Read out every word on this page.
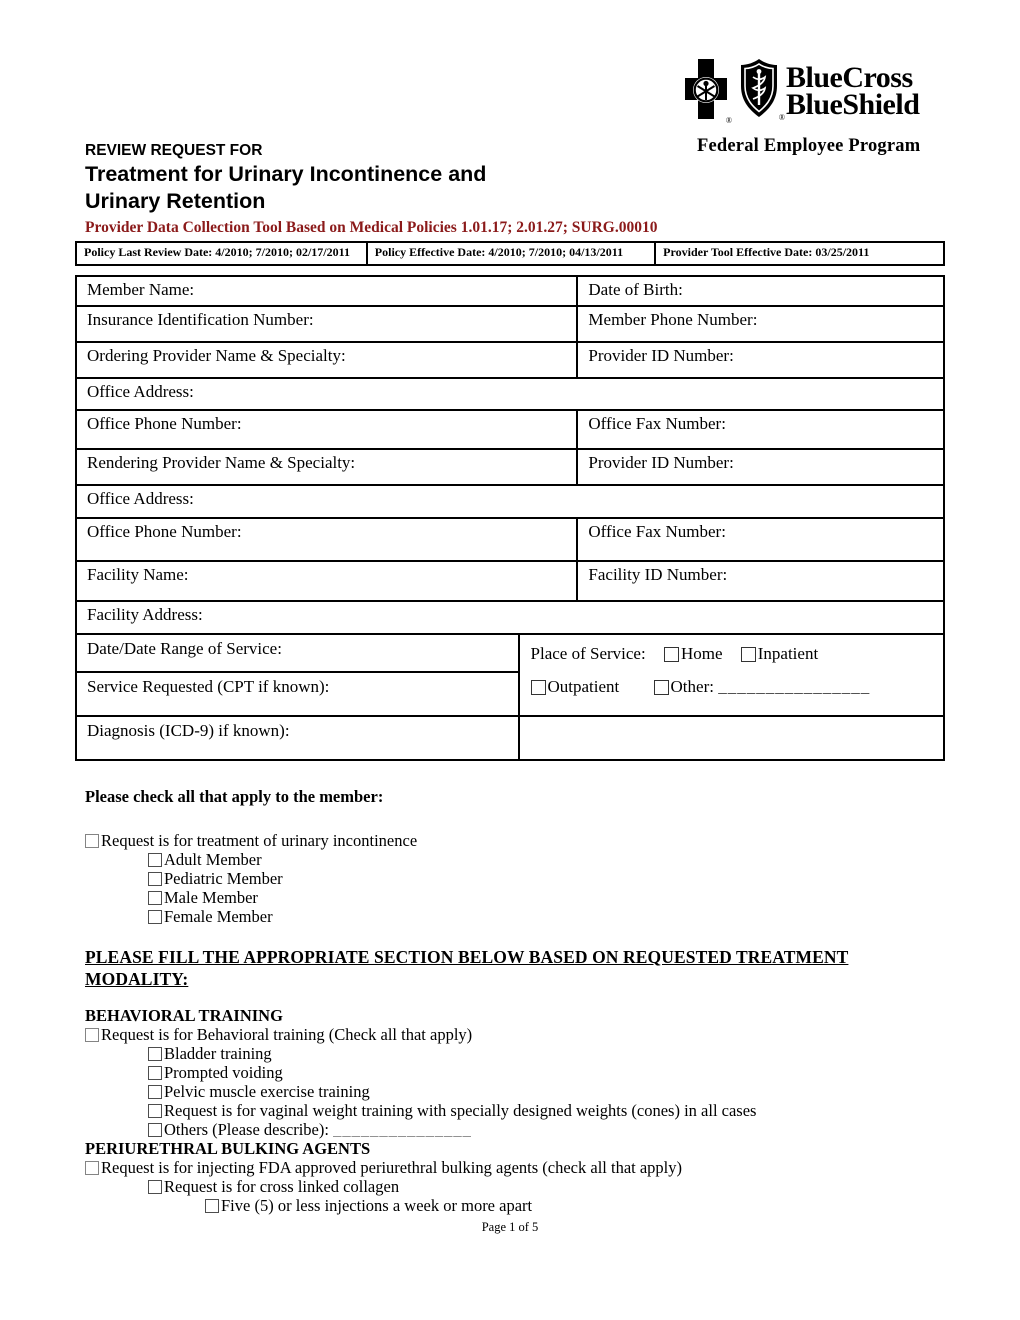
®	®
BlueCross
BlueShield
Federal Employee Program
REVIEW REQUEST FOR
Treatment for Urinary Incontinence and
Urinary Retention
Provider Data Collection Tool Based on Medical Policies 1.01.17; 2.01.27; SURG.00010
Policy Last Review Date: 4/2010; 7/2010; 02/17/2011	Policy Effective Date: 4/2010; 7/2010; 04/13/2011	Provider Tool Effective Date: 03/25/2011
Member Name:	Date of Birth:
Insurance Identification Number:	Member Phone Number:
Ordering Provider Name & Specialty:	Provider ID Number:
Office Address:
Office Phone Number:	Office Fax Number:
Rendering Provider Name & Specialty:	Provider ID Number:
Office Address:
Office Phone Number:	Office Fax Number:
Facility Name:	Facility ID Number:
Facility Address:
Date/Date Range of Service:
Service Requested (CPT if known):
Diagnosis (ICD-9) if known):
Place of Service: Home Inpatient
Outpatient	Other: ________________
Please check all that apply to the member:
Request is for treatment of urinary incontinence
Adult Member
Pediatric Member
Male Member
Female Member
PLEASE FILL THE APPROPRIATE SECTION BELOW BASED ON REQUESTED TREATMENT MODALITY:
BEHAVIORAL TRAINING
Request is for Behavioral training (Check all that apply)
Bladder training
Prompted voiding
Pelvic muscle exercise training
Request is for vaginal weight training with specially designed weights (cones) in all cases
Others (Please describe): _______________
PERIURETHRAL BULKING AGENTS
Request is for injecting FDA approved periurethral bulking agents (check all that apply)
Request is for cross linked collagen
Five (5) or less injections a week or more apart
Page 1 of 5
